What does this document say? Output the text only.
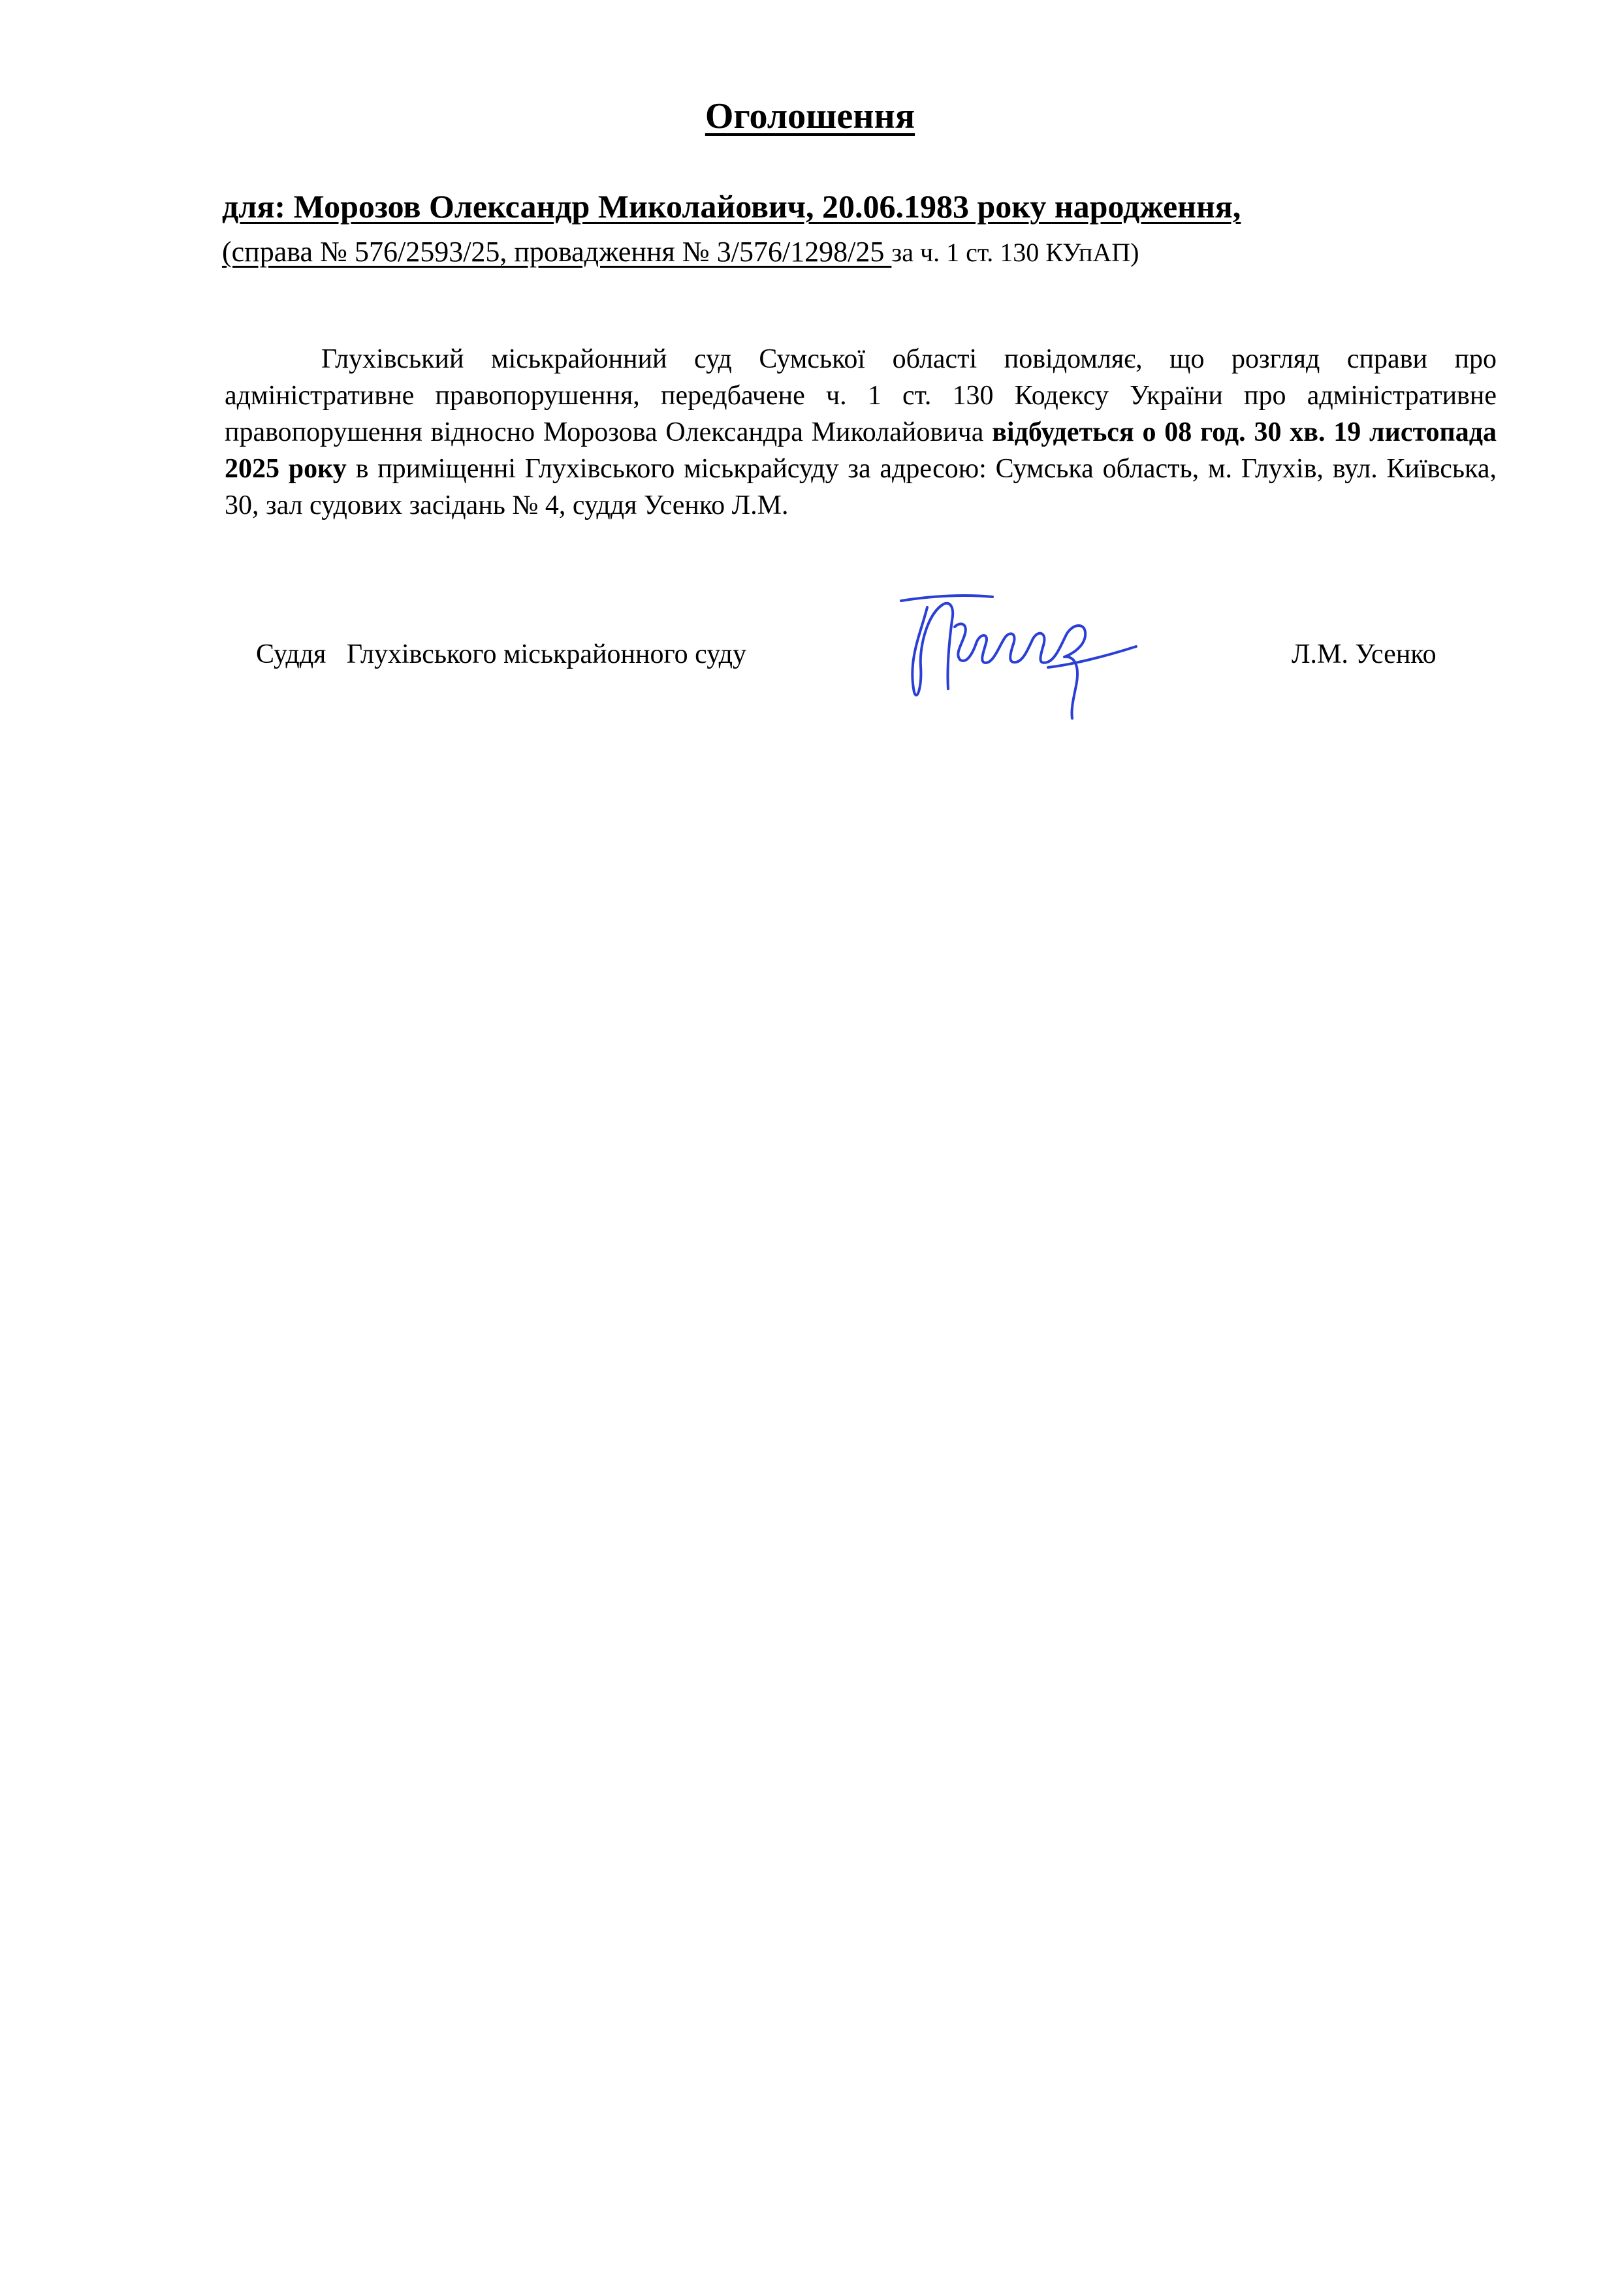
Оголошення
для: Морозов Олександр Миколайович, 20.06.1983 року народження,
(справа № 576/2593/25, провадження № 3/576/1298/25 за ч. 1 ст. 130 КУпАП)

Глухівський міськрайонний суд Сумської області повідомляє, що розгляд справи про адміністративне правопорушення, передбачене ч. 1 ст. 130 Кодексу України про адміністративне правопорушення відносно Морозова Олександра Миколайовича відбудеться о 08 год. 30 хв. 19 листопада 2025 року в приміщенні Глухівського міськрайсуду за адресою: Сумська область, м. Глухів, вул. Київська, 30, зал судових засідань № 4, суддя Усенко Л.М.

Суддя   Глухівського міськрайонного суду	Л.М. Усенко
